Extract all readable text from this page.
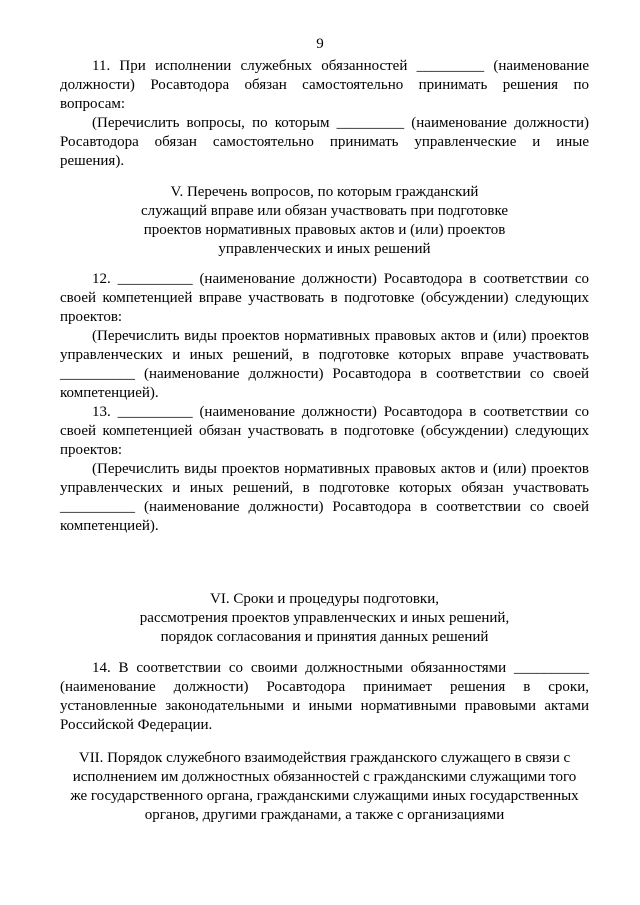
9
11. При исполнении служебных обязанностей _________ (наименование
должности) Росавтодора обязан самостоятельно принимать решения по
вопросам:
(Перечислить вопросы, по которым _________ (наименование должности)
Росавтодора обязан самостоятельно принимать управленческие и иные
решения).
V. Перечень вопросов, по которым гражданский
служащий вправе или обязан участвовать при подготовке
проектов нормативных правовых актов и (или) проектов
управленческих и иных решений
12. __________ (наименование должности) Росавтодора в соответствии со
своей компетенцией вправе участвовать в подготовке (обсуждении) следующих
проектов:
(Перечислить виды проектов нормативных правовых актов и (или) проектов
управленческих и иных решений, в подготовке которых вправе участвовать
__________ (наименование должности) Росавтодора в соответствии со своей
компетенцией).
13. __________ (наименование должности) Росавтодора в соответствии со
своей компетенцией обязан участвовать в подготовке (обсуждении) следующих
проектов:
(Перечислить виды проектов нормативных правовых актов и (или) проектов
управленческих и иных решений, в подготовке которых обязан участвовать
__________ (наименование должности) Росавтодора в соответствии со своей
компетенцией).
VI. Сроки и процедуры подготовки,
рассмотрения проектов управленческих и иных решений,
порядок согласования и принятия данных решений
14. В соответствии со своими должностными обязанностями __________
(наименование должности) Росавтодора принимает решения в сроки,
установленные законодательными и иными нормативными правовыми актами
Российской Федерации.
VII. Порядок служебного взаимодействия гражданского служащего в связи с
исполнением им должностных обязанностей с гражданскими служащими того
же государственного органа, гражданскими служащими иных государственных
органов, другими гражданами, а также с организациями
